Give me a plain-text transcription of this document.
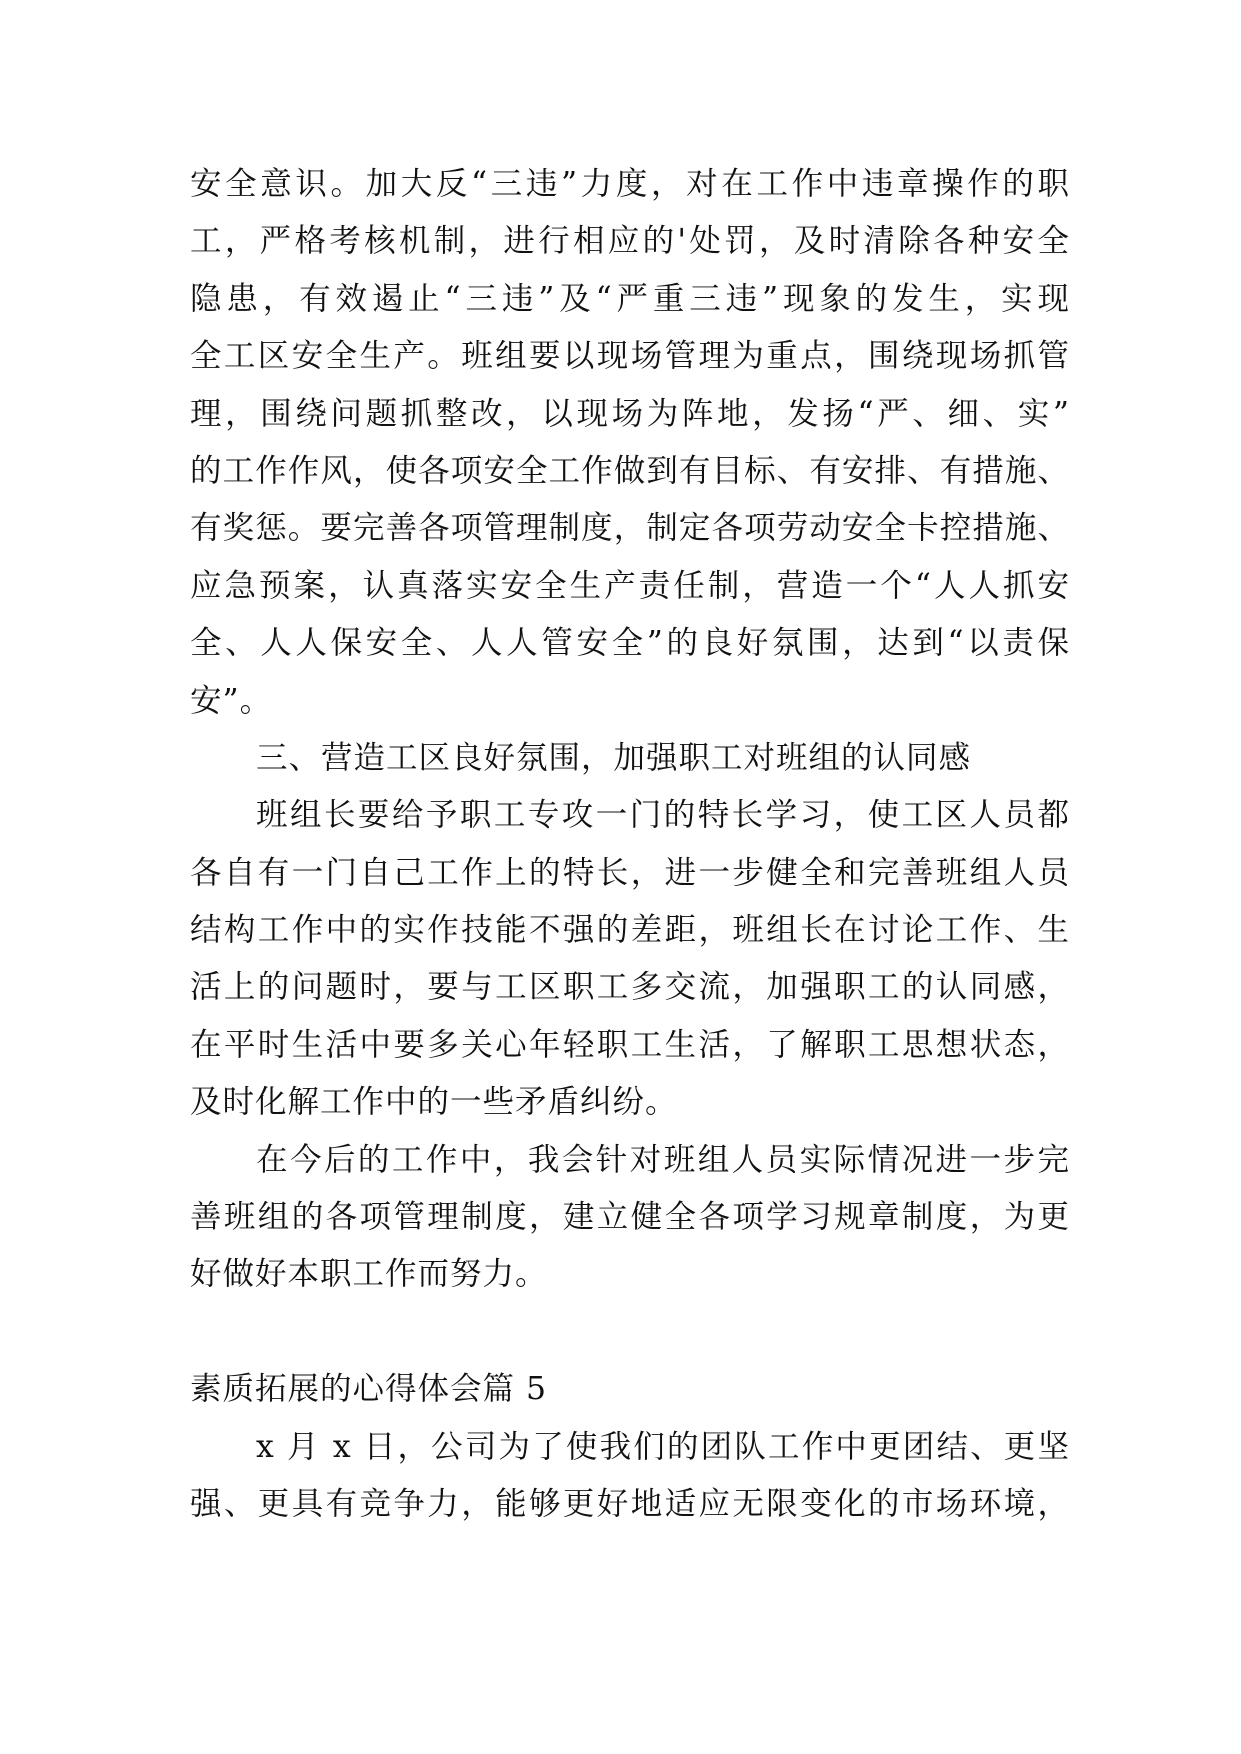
安全意识。加大反“三违”力度，对在工作中违章操作的职
工，严格考核机制，进行相应的'处罚，及时清除各种安全
隐患，有效遏止“三违”及“严重三违”现象的发生，实现
全工区安全生产。班组要以现场管理为重点，围绕现场抓管
理，围绕问题抓整改，以现场为阵地，发扬“严、细、实”
的工作作风，使各项安全工作做到有目标、有安排、有措施、
有奖惩。要完善各项管理制度，制定各项劳动安全卡控措施、
应急预案，认真落实安全生产责任制，营造一个“人人抓安
全、人人保安全、人人管安全”的良好氛围，达到“以责保
安”。
三、营造工区良好氛围，加强职工对班组的认同感
班组长要给予职工专攻一门的特长学习，使工区人员都
各自有一门自己工作上的特长，进一步健全和完善班组人员
结构工作中的实作技能不强的差距，班组长在讨论工作、生
活上的问题时，要与工区职工多交流，加强职工的认同感，
在平时生活中要多关心年轻职工生活，了解职工思想状态，
及时化解工作中的一些矛盾纠纷。
在今后的工作中，我会针对班组人员实际情况进一步完
善班组的各项管理制度，建立健全各项学习规章制度，为更
好做好本职工作而努力。
素质拓展的心得体会篇 5
x 月 x 日，公司为了使我们的团队工作中更团结、更坚
强、更具有竞争力，能够更好地适应无限变化的市场环境，
